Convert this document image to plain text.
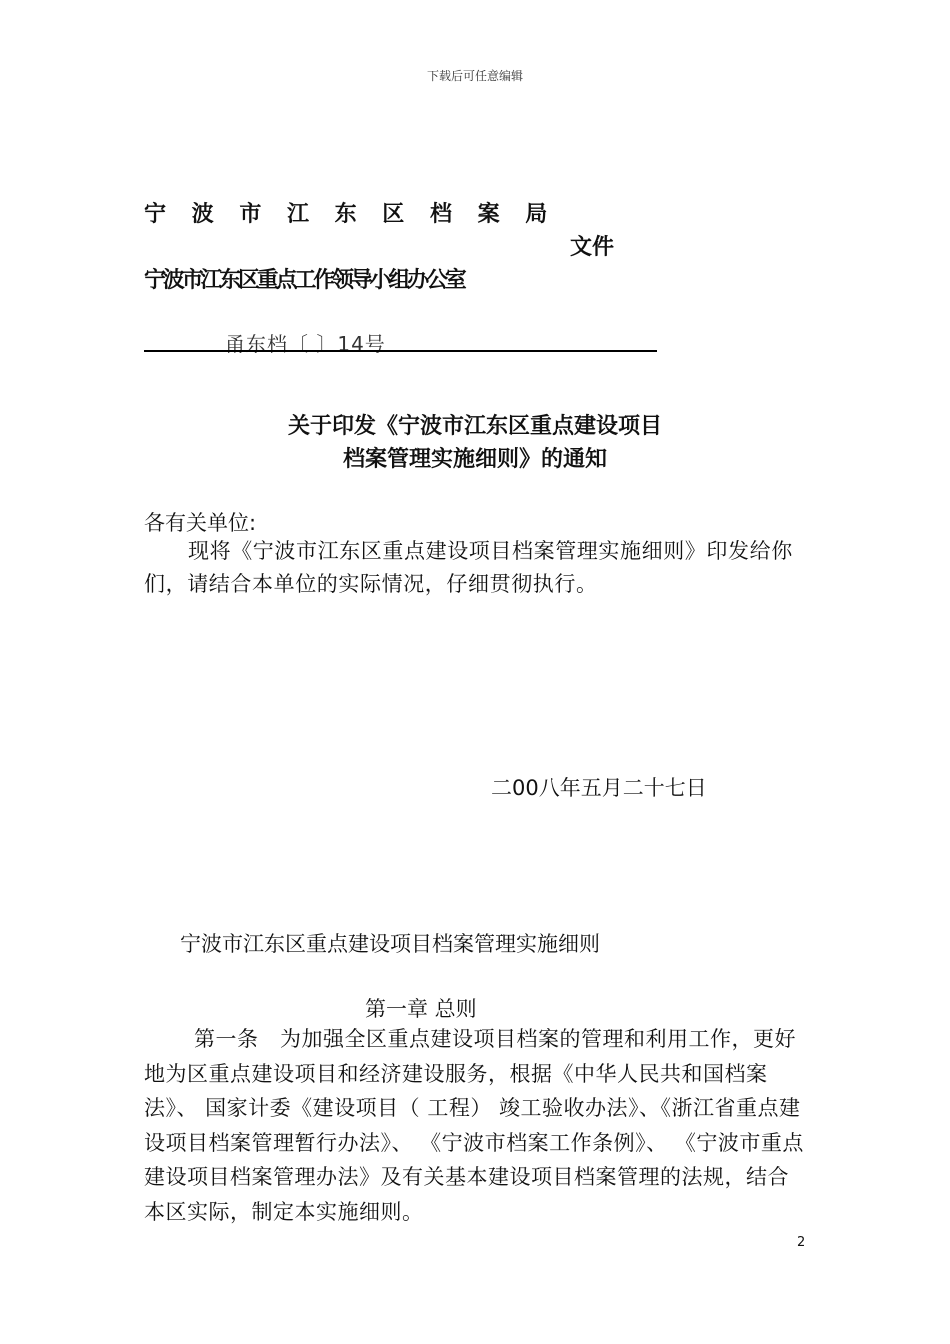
下载后可任意编辑
宁 波 市 江 东 区 档 案 局
文件
宁波市江东区重点工作领导小组办公室
甬东档〔 〕14号
关于印发《宁波市江东区重点建设项目
档案管理实施细则》的通知
各有关单位:
现将《宁波市江东区重点建设项目档案管理实施细则》印发给你们，请结合本单位的实际情况，仔细贯彻执行。
二00八年五月二十七日
宁波市江东区重点建设项目档案管理实施细则
第一章 总则
第一条　为加强全区重点建设项目档案的管理和利用工作，更好地为区重点建设项目和经济建设服务，根据《中华人民共和国档案法》、 国家计委《建设项目（ 工程） 竣工验收办法》、《浙江省重点建设项目档案管理暂行办法》、 《宁波市档案工作条例》、 《宁波市重点建设项目档案管理办法》及有关基本建设项目档案管理的法规，结合本区实际，制定本实施细则。
2
